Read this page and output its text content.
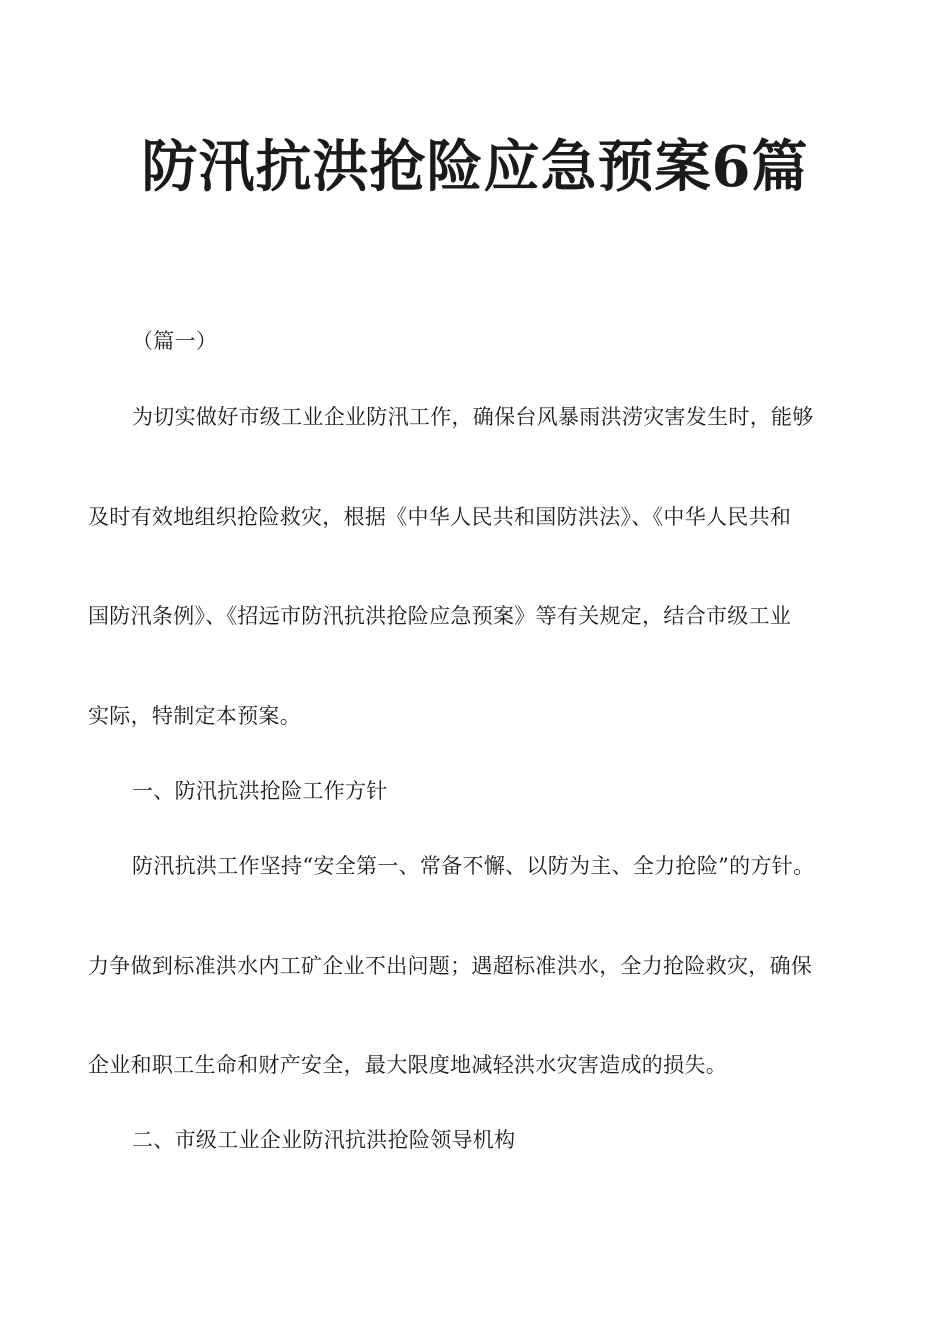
防汛抗洪抢险应急预案6篇
（篇一）
为切实做好市级工业企业防汛工作，确保台风暴雨洪涝灾害发生时，能够
及时有效地组织抢险救灾，根据《中华人民共和国防洪法》、《中华人民共和
国防汛条例》、《招远市防汛抗洪抢险应急预案》等有关规定，结合市级工业
实际，特制定本预案。
一、防汛抗洪抢险工作方针
防汛抗洪工作坚持“安全第一、常备不懈、以防为主、全力抢险”的方针。
力争做到标准洪水内工矿企业不出问题；遇超标准洪水，全力抢险救灾，确保
企业和职工生命和财产安全，最大限度地减轻洪水灾害造成的损失。
二、市级工业企业防汛抗洪抢险领导机构
